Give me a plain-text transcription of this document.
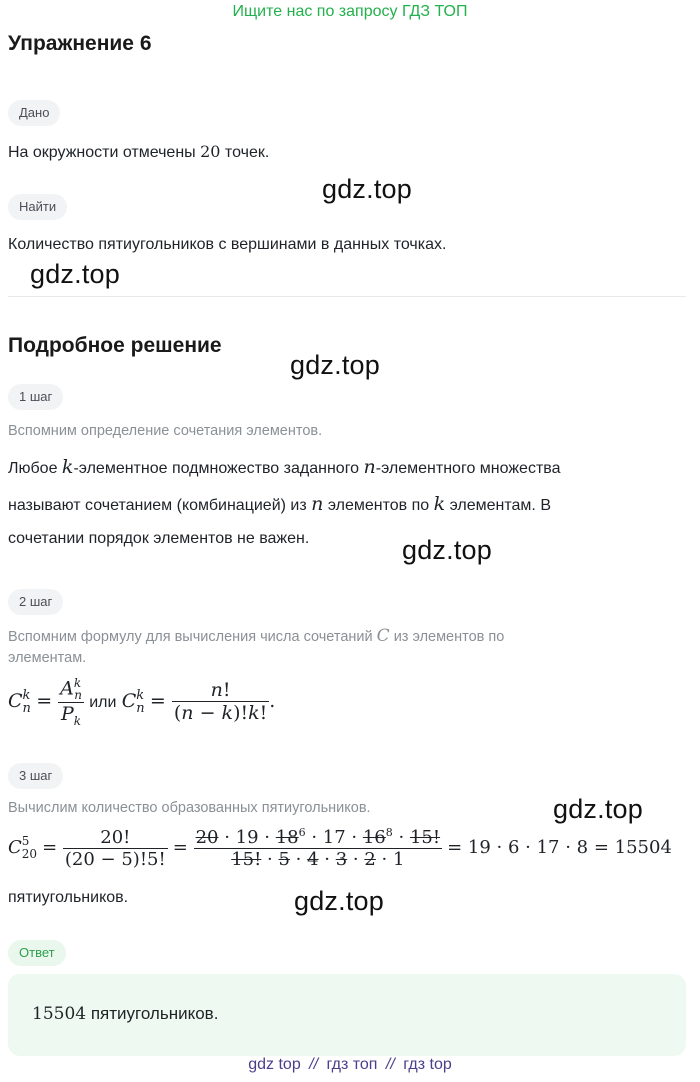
Ищите нас по запросу ГДЗ ТОП
Упражнение 6
Дано
На окружности отмечены 20 точек.
Найти
Количество пятиугольников с вершинами в данных точках.
Подробное решение
1 шаг
Вспомним определение сочетания элементов.
Любое k-элементное подмножество заданного n-элементного множества
называют сочетанием (комбинацией) из n элементов по k элементам. В
сочетании порядок элементов не важен.
2 шаг
Вспомним формулу для вычисления числа сочетаний C из элементов по
элементам.
C k
$n = \frac{A^k_n}{P_k}$ или C k
$n = \frac{n!}{(n - k)!k!}$ .
3 шаг
Вычислим количество образованных пятиугольников.
C 5
$20 = \frac{20!}{(20 - 5)!5!} = \frac{20 \cdot 19 \cdot 18^6 \cdot 17 \cdot 16^8 \cdot 15!}{15! \cdot 5 \cdot 4 \cdot 3 \cdot 2 \cdot 1} = 19 \cdot 6 \cdot 17 \cdot 8 = 15504$
пятиугольников.
Ответ
15504 пятиугольников.
gdz.top
gdz.top
gdz.top
gdz.top
gdz.top
gdz.top
gdz top // гдз топ // гдз top
